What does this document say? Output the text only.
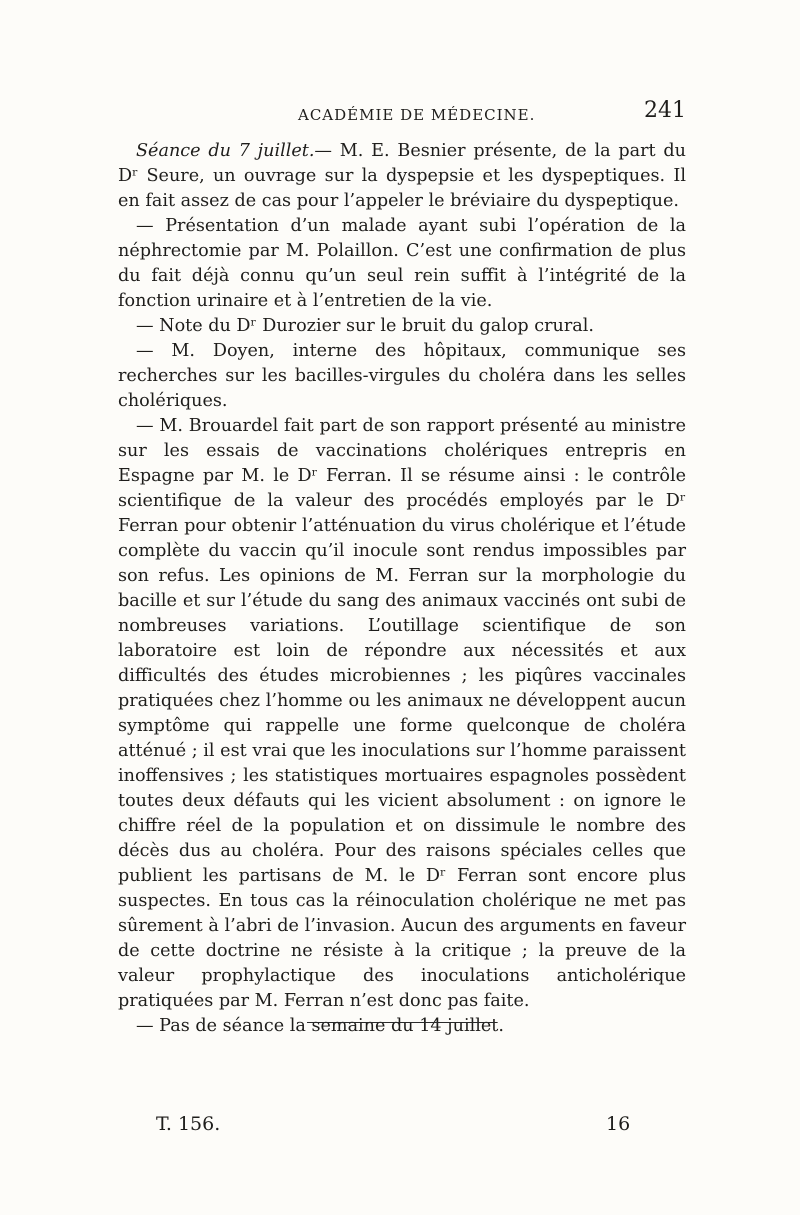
ACADÉMIE DE MÉDECINE.	241

Séance du 7 juillet.— M. E. Besnier présente, de la part du Dʳ Seure, un ouvrage sur la dyspepsie et les dyspeptiques. Il en fait assez de cas pour l’appeler le bréviaire du dyspeptique.

— Présentation d’un malade ayant subi l’opération de la néphrectomie par M. Polaillon. C’est une confirmation de plus du fait déjà connu qu’un seul rein suffit à l’intégrité de la fonction urinaire et à l’entretien de la vie.

— Note du Dʳ Durozier sur le bruit du galop crural.

— M. Doyen, interne des hôpitaux, communique ses recherches sur les bacilles-virgules du choléra dans les selles cholériques.

— M. Brouardel fait part de son rapport présenté au ministre sur les essais de vaccinations cholériques entrepris en Espagne par M. le Dʳ Ferran. Il se résume ainsi : le contrôle scientifique de la valeur des procédés employés par le Dʳ Ferran pour obtenir l’atténuation du virus cholérique et l’étude complète du vaccin qu’il inocule sont rendus impossibles par son refus. Les opinions de M. Ferran sur la morphologie du bacille et sur l’étude du sang des animaux vaccinés ont subi de nombreuses variations. L’outillage scientifique de son laboratoire est loin de répondre aux nécessités et aux difficultés des études microbiennes ; les piqûres vaccinales pratiquées chez l’homme ou les animaux ne développent aucun symptôme qui rappelle une forme quelconque de choléra atténué ; il est vrai que les inoculations sur l’homme paraissent inoffensives ; les statistiques mortuaires espagnoles possèdent toutes deux défauts qui les vicient absolument : on ignore le chiffre réel de la population et on dissimule le nombre des décès dus au choléra. Pour des raisons spéciales celles que publient les partisans de M. le Dʳ Ferran sont encore plus suspectes. En tous cas la réinoculation cholérique ne met pas sûrement à l’abri de l’invasion. Aucun des arguments en faveur de cette doctrine ne résiste à la critique ; la preuve de la valeur prophylactique des inoculations anticholérique pratiquées par M. Ferran n’est donc pas faite.

— Pas de séance la semaine du 14 juillet.

T. 156.	16
